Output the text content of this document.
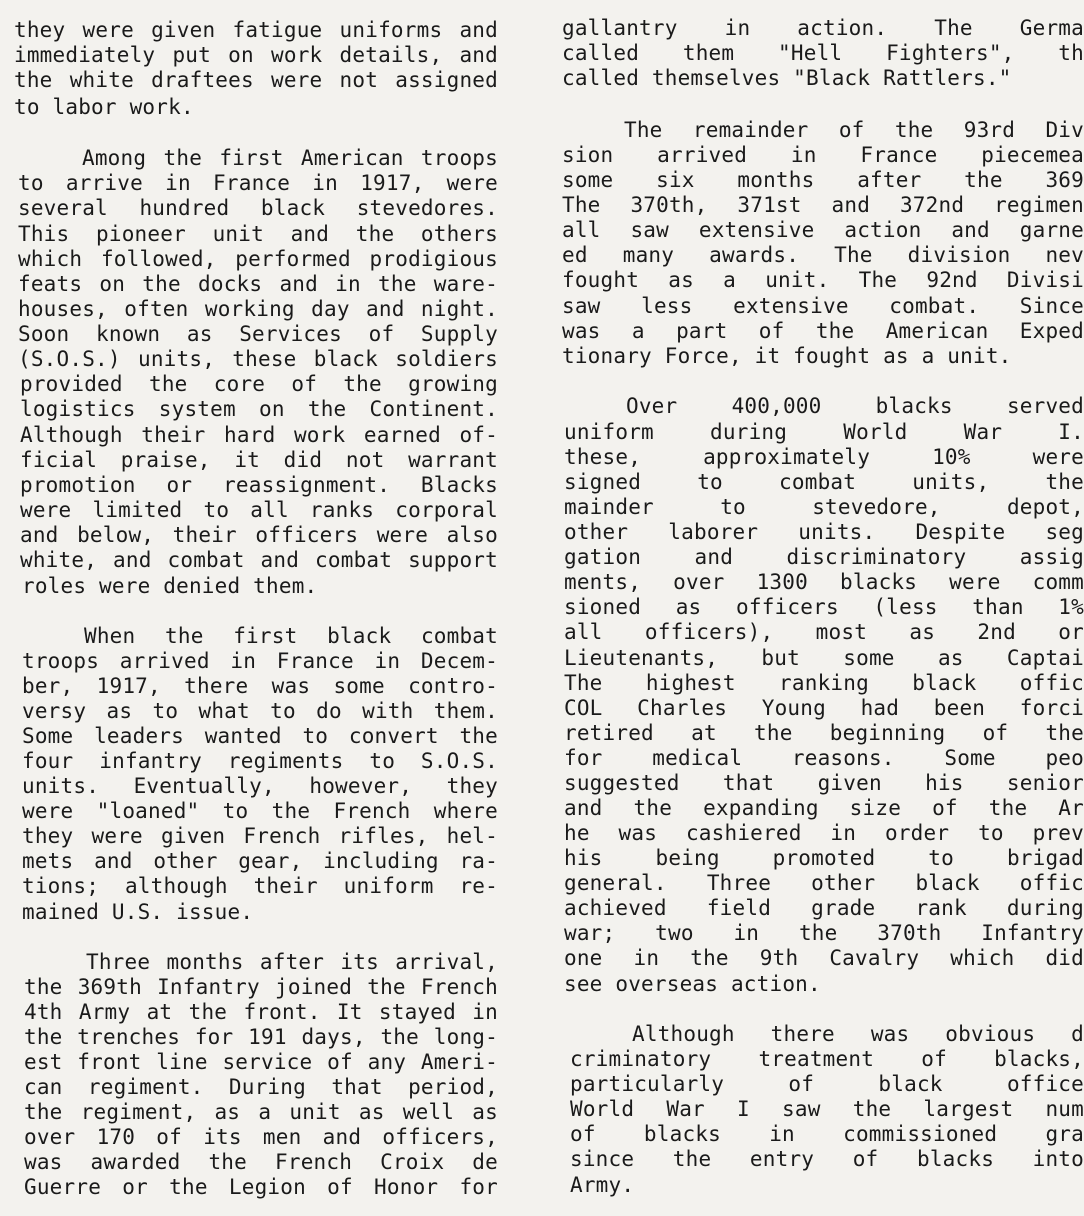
they were given fatigue uniforms and
immediately put on work details, and
the white draftees were not assigned
to labor work.
Among the first American troops
to arrive in France in 1917, were
several hundred black stevedores.
This pioneer unit and the others
which followed, performed prodigious
feats on the docks and in the ware-
houses, often working day and night.
Soon known as Services of Supply
(S.O.S.) units, these black soldiers
provided the core of the growing
logistics system on the Continent.
Although their hard work earned of-
ficial praise, it did not warrant
promotion or reassignment. Blacks
were limited to all ranks corporal
and below, their officers were also
white, and combat and combat support
roles were denied them.
When the first black combat
troops arrived in France in Decem-
ber, 1917, there was some contro-
versy as to what to do with them.
Some leaders wanted to convert the
four infantry regiments to S.O.S.
units. Eventually, however, they
were "loaned" to the French where
they were given French rifles, hel-
mets and other gear, including ra-
tions; although their uniform re-
mained U.S. issue.
Three months after its arrival,
the 369th Infantry joined the French
4th Army at the front. It stayed in
the trenches for 191 days, the long-
est front line service of any Ameri-
can regiment. During that period,
the regiment, as a unit as well as
over 170 of its men and officers,
was awarded the French Croix de
Guerre or the Legion of Honor for
gallantry in action. The Germa
called them "Hell Fighters", th
called themselves "Black Rattlers."
The remainder of the 93rd Div
sion arrived in France piecemea
some six months after the 369
The 370th, 371st and 372nd regimen
all saw extensive action and garne
ed many awards. The division nev
fought as a unit. The 92nd Divisi
saw less extensive combat. Since
was a part of the American Exped
tionary Force, it fought as a unit.
Over 400,000 blacks served
uniform during World War I.
these, approximately 10% were
signed to combat units, the
mainder to stevedore, depot,
other laborer units. Despite seg
gation and discriminatory assig
ments, over 1300 blacks were comm
sioned as officers (less than 1%
all officers), most as 2nd or
Lieutenants, but some as Captai
The highest ranking black offic
COL Charles Young had been forci
retired at the beginning of the
for medical reasons. Some peo
suggested that given his senior
and the expanding size of the Ar
he was cashiered in order to prev
his being promoted to brigad
general. Three other black offic
achieved field grade rank during
war; two in the 370th Infantry
one in the 9th Cavalry which did
see overseas action.
Although there was obvious d
criminatory treatment of blacks,
particularly of black office
World War I saw the largest num
of blacks in commissioned gra
since the entry of blacks into
Army.
